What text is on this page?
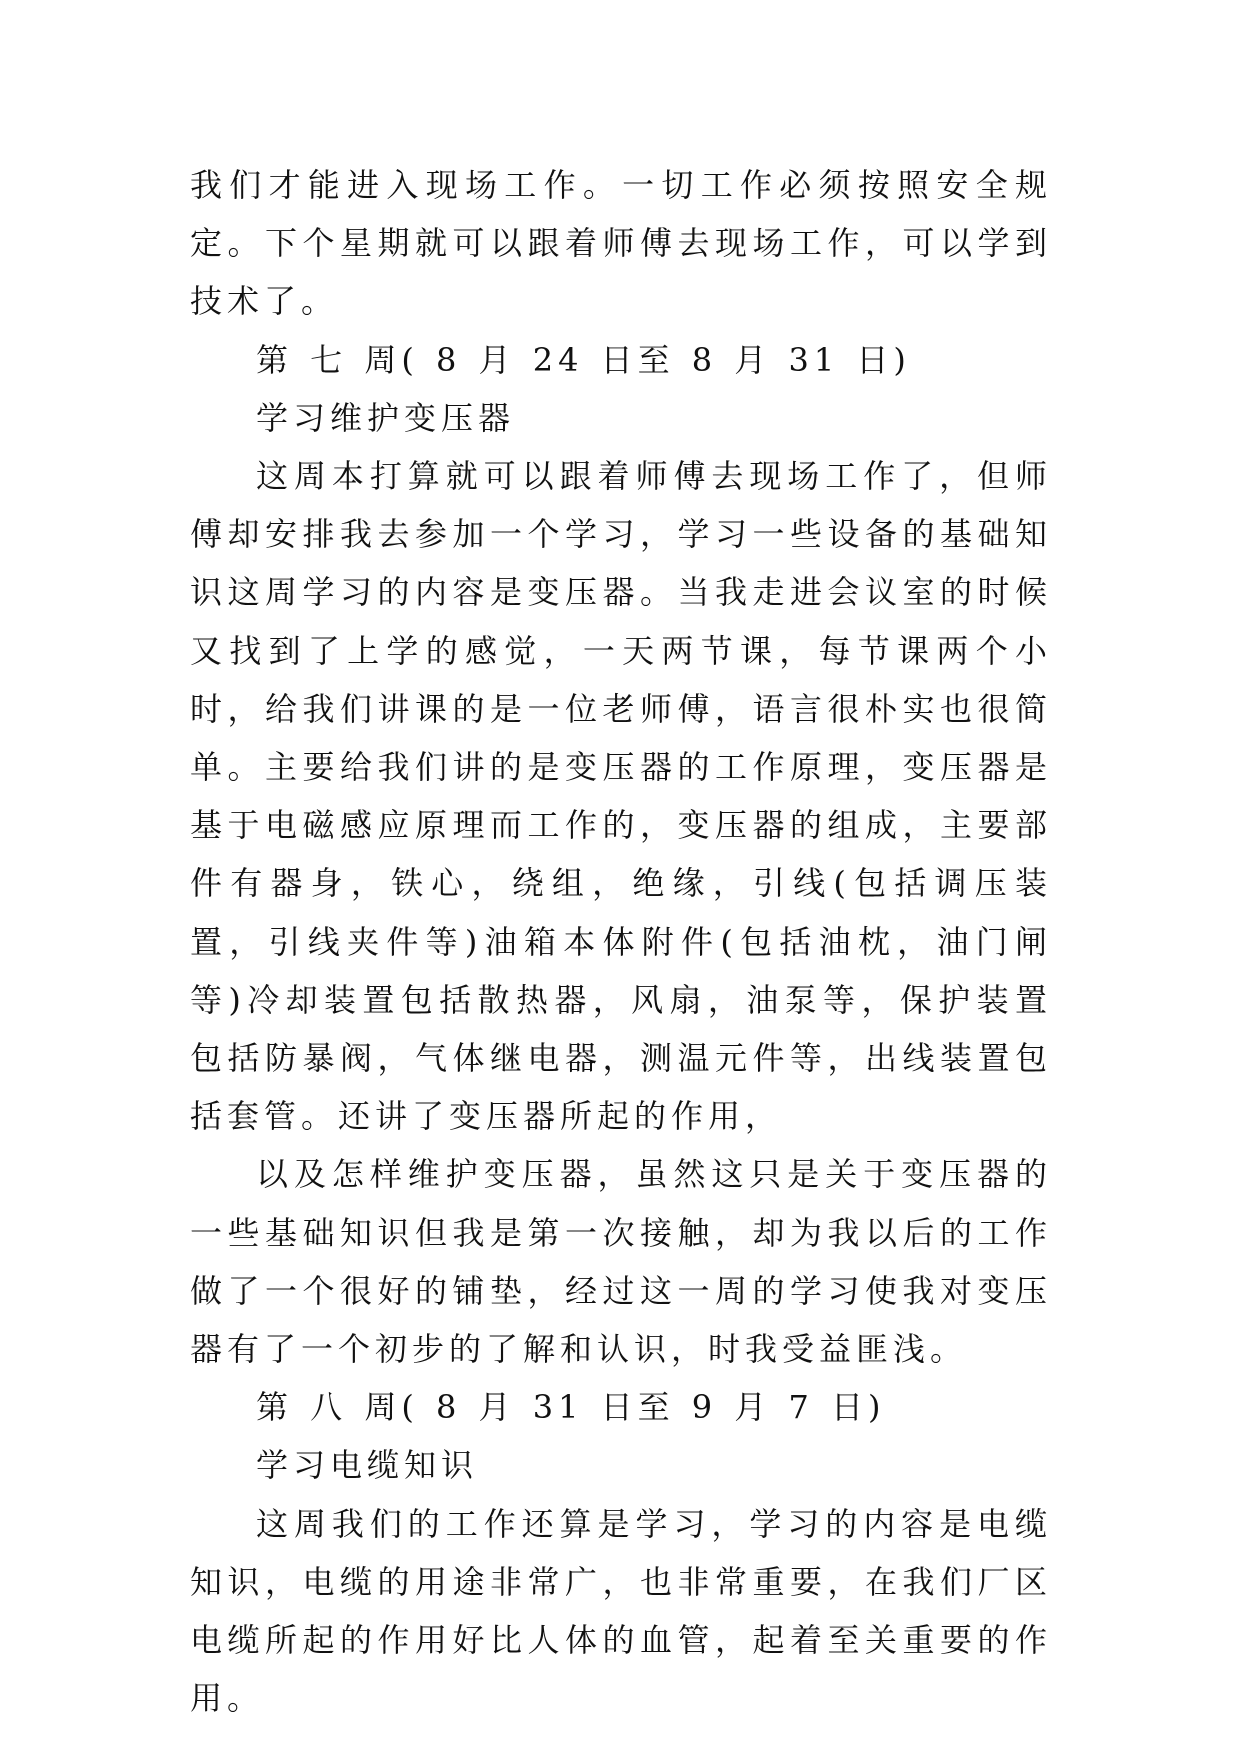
我们才能进入现场工作。一切工作必须按照安全规定。下个星期就可以跟着师傅去现场工作，可以学到技术了。

第 七 周( 8 月 24 日至 8 月 31 日)

学习维护变压器

这周本打算就可以跟着师傅去现场工作了，但师傅却安排我去参加一个学习，学习一些设备的基础知识这周学习的内容是变压器。当我走进会议室的时候又找到了上学的感觉，一天两节课，每节课两个小时，给我们讲课的是一位老师傅，语言很朴实也很简单。主要给我们讲的是变压器的工作原理，变压器是基于电磁感应原理而工作的，变压器的组成，主要部件有器身，铁心，绕组，绝缘，引线(包括调压装置，引线夹件等)油箱本体附件(包括油枕，油门闸等)冷却装置包括散热器，风扇，油泵等，保护装置包括防暴阀，气体继电器，测温元件等，出线装置包括套管。还讲了变压器所起的作用，

以及怎样维护变压器，虽然这只是关于变压器的一些基础知识但我是第一次接触，却为我以后的工作做了一个很好的铺垫，经过这一周的学习使我对变压器有了一个初步的了解和认识，时我受益匪浅。

第 八 周( 8 月 31 日至 9 月 7 日)

学习电缆知识

这周我们的工作还算是学习，学习的内容是电缆知识，电缆的用途非常广，也非常重要，在我们厂区电缆所起的作用好比人体的血管，起着至关重要的作用。
